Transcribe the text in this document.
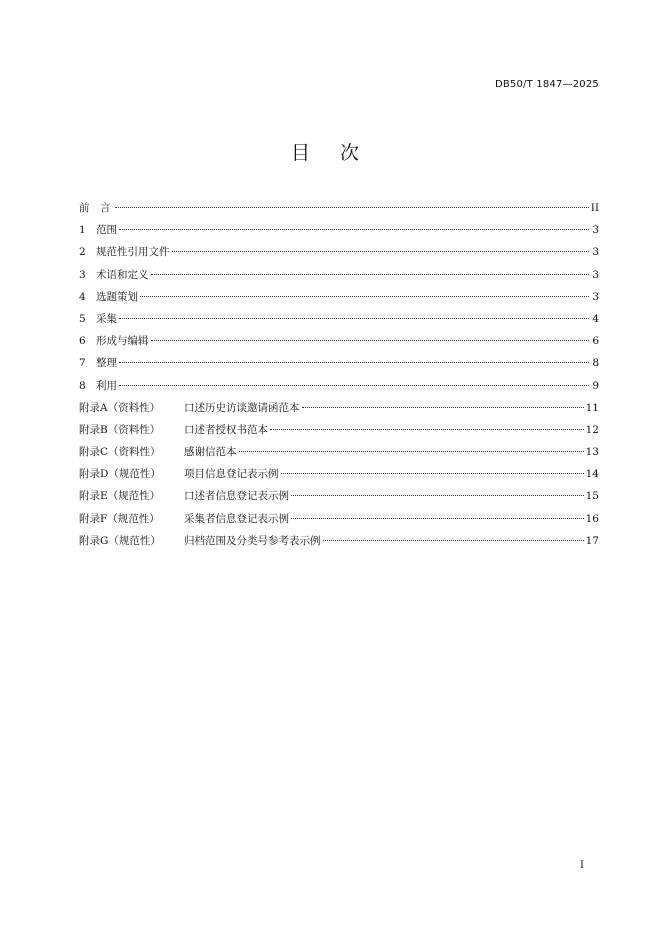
DB50/T 1847—2025
目 次
前　言	II
1 范围	3
2 规范性引用文件	3
3 术语和定义	3
4 选题策划	3
5 采集	4
6 形成与编辑	6
7 整理	8
8 利用	9
附录A（资料性）	口述历史访谈邀请函范本	11
附录B（资料性）	口述者授权书范本	12
附录C（资料性）	感谢信范本	13
附录D（规范性）	项目信息登记表示例	14
附录E（规范性）	口述者信息登记表示例	15
附录F（规范性）	采集者信息登记表示例	16
附录G（规范性）	归档范围及分类号参考表示例	17
I
